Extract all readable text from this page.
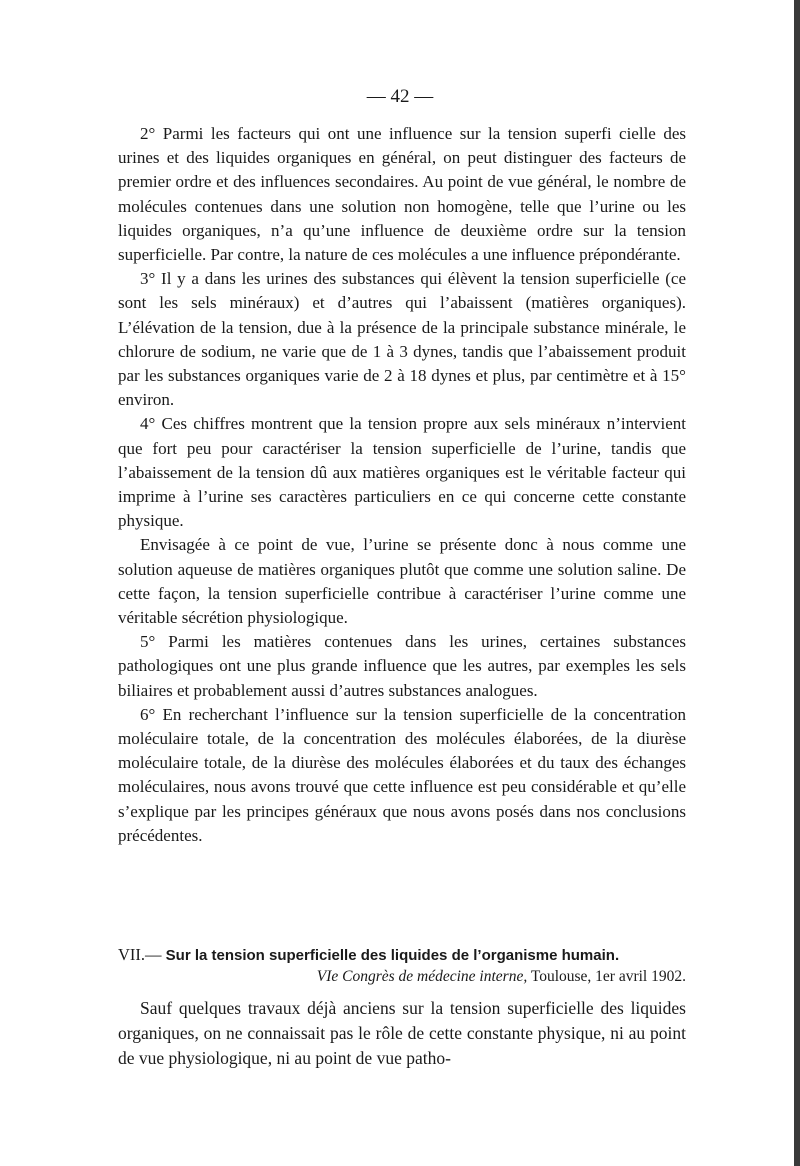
— 42 —

2° Parmi les facteurs qui ont une influence sur la tension superfi cielle des urines et des liquides organiques en général, on peut distinguer des facteurs de premier ordre et des influences secondaires. Au point de vue général, le nombre de molécules contenues dans une solution non homogène, telle que l’urine ou les liquides organiques, n’a qu’une influence de deuxième ordre sur la tension superficielle. Par contre, la nature de ces molécules a une influence prépondérante.

3° Il y a dans les urines des substances qui élèvent la tension superficielle (ce sont les sels minéraux) et d’autres qui l’abaissent (matières organiques). L’élévation de la tension, due à la présence de la principale substance minérale, le chlorure de sodium, ne varie que de 1 à 3 dynes, tandis que l’abaissement produit par les substances organiques varie de 2 à 18 dynes et plus, par centimètre et à 15° environ.

4° Ces chiffres montrent que la tension propre aux sels minéraux n’intervient que fort peu pour caractériser la tension superficielle de l’urine, tandis que l’abaissement de la tension dû aux matières organiques est le véritable facteur qui imprime à l’urine ses caractères particuliers en ce qui concerne cette constante physique.

Envisagée à ce point de vue, l’urine se présente donc à nous comme une solution aqueuse de matières organiques plutôt que comme une solution saline. De cette façon, la tension superficielle contribue à caractériser l’urine comme une véritable sécrétion physiologique.

5° Parmi les matières contenues dans les urines, certaines substances pathologiques ont une plus grande influence que les autres, par exemples les sels biliaires et probablement aussi d’autres substances analogues.

6° En recherchant l’influence sur la tension superficielle de la concentration moléculaire totale, de la concentration des molécules élaborées, de la diurèse moléculaire totale, de la diurèse des molécules élaborées et du taux des échanges moléculaires, nous avons trouvé que cette influence est peu considérable et qu’elle s’explique par les principes généraux que nous avons posés dans nos conclusions précédentes.

VII.— Sur la tension superficielle des liquides de l’organisme humain.
VIe Congrès de médecine interne, Toulouse, 1er avril 1902.

Sauf quelques travaux déjà anciens sur la tension superficielle des liquides organiques, on ne connaissait pas le rôle de cette constante physique, ni au point de vue physiologique, ni au point de vue patho-
